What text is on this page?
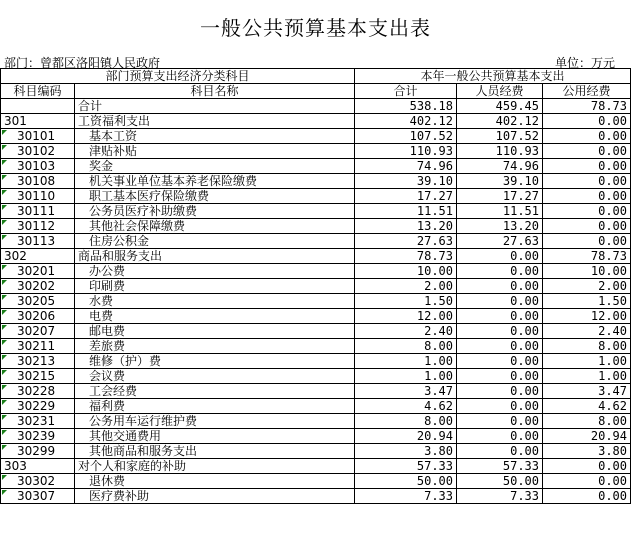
一般公共预算基本支出表
部门：曾都区洛阳镇人民政府	单位：万元
部门预算支出经济分类科目		本年一般公共预算基本支出		
科目编码	科目名称	合计	人员经费	公用经费
	合计	538.18	459.45	78.73
301	工资福利支出	402.12	402.12	0.00
30101	基本工资	107.52	107.52	0.00
30102	津贴补贴	110.93	110.93	0.00
30103	奖金	74.96	74.96	0.00
30108	机关事业单位基本养老保险缴费	39.10	39.10	0.00
30110	职工基本医疗保险缴费	17.27	17.27	0.00
30111	公务员医疗补助缴费	11.51	11.51	0.00
30112	其他社会保障缴费	13.20	13.20	0.00
30113	住房公积金	27.63	27.63	0.00
302	商品和服务支出	78.73	0.00	78.73
30201	办公费	10.00	0.00	10.00
30202	印刷费	2.00	0.00	2.00
30205	水费	1.50	0.00	1.50
30206	电费	12.00	0.00	12.00
30207	邮电费	2.40	0.00	2.40
30211	差旅费	8.00	0.00	8.00
30213	维修（护）费	1.00	0.00	1.00
30215	会议费	1.00	0.00	1.00
30228	工会经费	3.47	0.00	3.47
30229	福利费	4.62	0.00	4.62
30231	公务用车运行维护费	8.00	0.00	8.00
30239	其他交通费用	20.94	0.00	20.94
30299	其他商品和服务支出	3.80	0.00	3.80
303	对个人和家庭的补助	57.33	57.33	0.00
30302	退休费	50.00	50.00	0.00
30307	医疗费补助	7.33	7.33	0.00
